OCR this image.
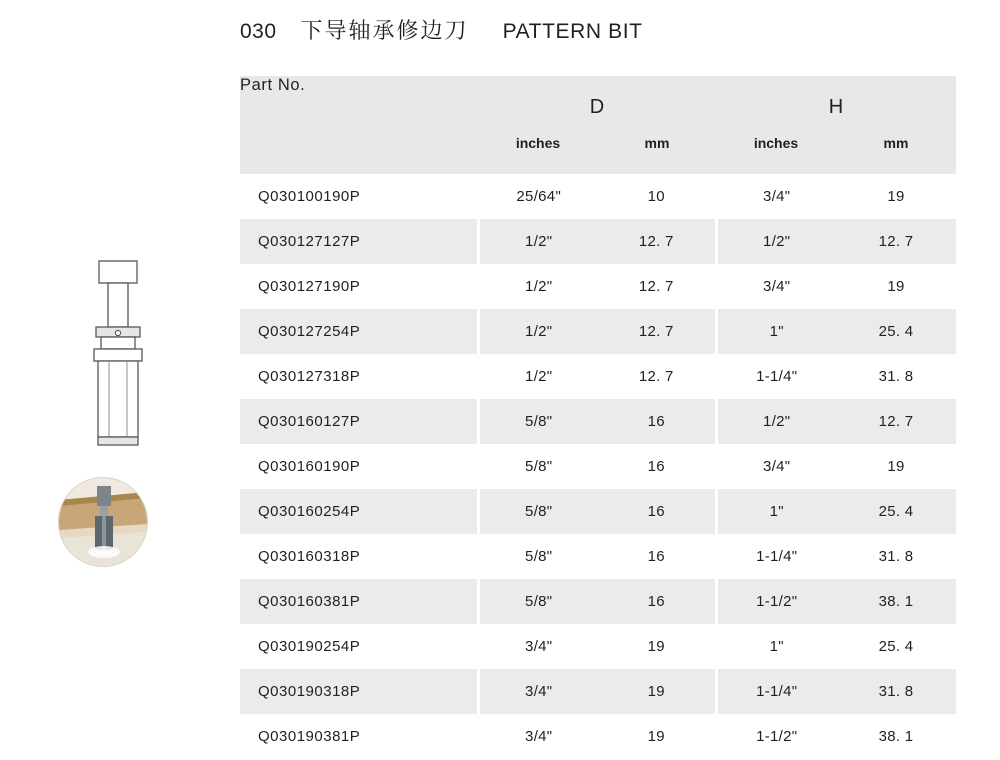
030 下导轴承修边刀 PATTERN BIT
Part No.	
D
inches	mm

H
inches	mm

Q030100190P	25/64"	10	3/4"	19
Q030127127P	1/2"	12. 7	1/2"	12. 7
Q030127190P	1/2"	12. 7	3/4"	19
Q030127254P	1/2"	12. 7	1"	25. 4
Q030127318P	1/2"	12. 7	1-1/4"	31. 8
Q030160127P	5/8"	16	1/2"	12. 7
Q030160190P	5/8"	16	3/4"	19
Q030160254P	5/8"	16	1"	25. 4
Q030160318P	5/8"	16	1-1/4"	31. 8
Q030160381P	5/8"	16	1-1/2"	38. 1
Q030190254P	3/4"	19	1"	25. 4
Q030190318P	3/4"	19	1-1/4"	31. 8
Q030190381P	3/4"	19	1-1/2"	38. 1
